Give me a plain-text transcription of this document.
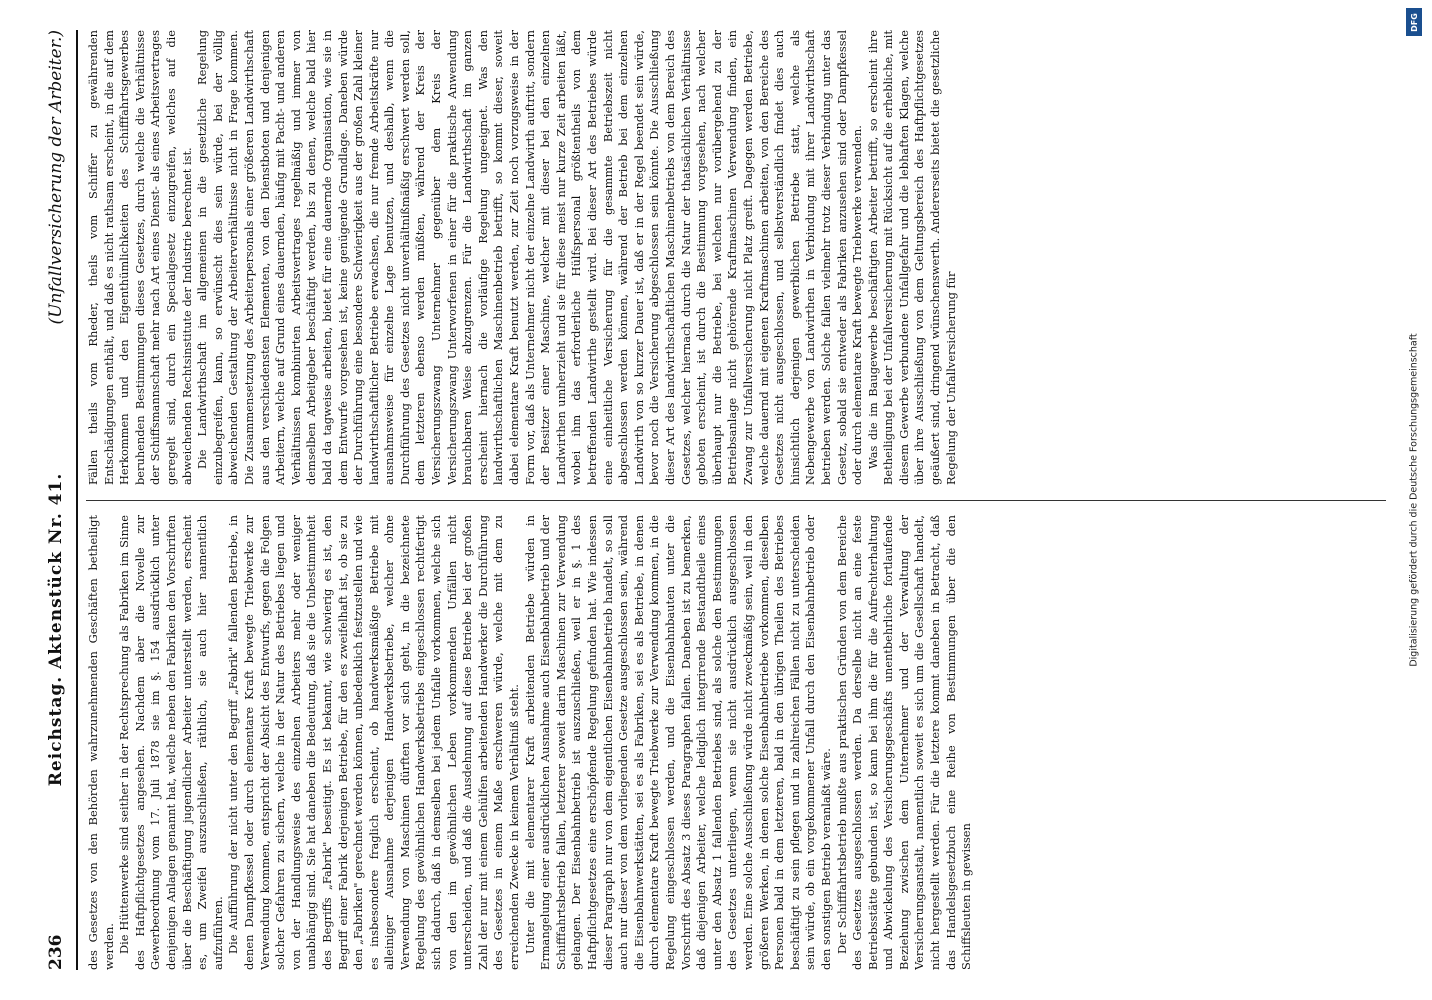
236
Reichstag. Aktenstück Nr. 41.
(Unfallversicherung der Arbeiter.)

des Gesetzes von den Behörden wahrzunehmenden Geschäften betheiligt werden. Die Hüttenwerke sind seither in der Rechtsprechung als Fabriken im Sinne des Haftpflichtgesetzes angesehen. Nachdem aber die Novelle zur Gewerbeordnung vom 17. Juli 1878 sie im §. 154 ausdrücklich unter denjenigen Anlagen genannt hat, welche neben den Fabriken den Vorschriften über die Beschäftigung jugendlicher Arbeiter unterstellt werden, erscheint es, um Zweifel auszuschließen, räthlich, sie auch hier namentlich aufzuführen. Die Aufführung der nicht unter den Begriff „Fabrik" fallenden Betriebe, in denen Dampfkessel oder durch elementare Kraft bewegte Triebwerke zur Verwendung kommen, entspricht der Absicht des Entwurfs, gegen die Folgen solcher Gefahren zu sichern, welche in der Natur des Betriebes liegen und von der Handlungsweise des einzelnen Arbeiters mehr oder weniger unabhängig sind. Sie hat daneben die Bedeutung, daß sie die Unbestimmtheit des Begriffs „Fabrik" beseitigt. Es ist bekannt, wie schwierig es ist, den Begriff einer Fabrik derjenigen Betriebe, für den es zweifelhaft ist, ob sie zu den „Fabriken" gerechnet werden können, unbedenklich festzustellen und wie es insbesondere fraglich erscheint, ob handwerksmäßige Betriebe mit alleiniger Ausnahme derjenigen Handwerksbetriebe, welcher ohne Verwendung von Maschinen dürften vor sich geht, in die bezeichnete Regelung des gewöhnlichen Handwerksbetriebs eingeschlossen rechtfertigt sich dadurch, daß in demselben bei jedem Unfalle vorkommen, welche sich von den im gewöhnlichen Leben vorkommenden Unfällen nicht unterscheiden, und daß die Ausdehnung auf diese Betriebe bei der großen Zahl der nur mit einem Gehülfen arbeitenden Handwerker die Durchführung des Gesetzes in einem Maße erschweren würde, welche mit dem zu erreichenden Zwecke in keinem Verhältniß steht. Unter die mit elementarer Kraft arbeitenden Betriebe würden in Ermangelung einer ausdrücklichen Ausnahme auch Eisenbahnbetrieb und der Schifffahrtsbetrieb fallen, letzterer soweit darin Maschinen zur Verwendung gelangen. Der Eisenbahnbetrieb ist auszuschließen, weil er in §. 1 des Haftpflichtgesetzes eine erschöpfende Regelung gefunden hat. Wie indessen dieser Paragraph nur von dem eigentlichen Eisenbahnbetrieb handelt, so soll auch nur dieser von dem vorliegenden Gesetze ausgeschlossen sein, während die Eisenbahnwerkstätten, sei es als Fabriken, sei es als Betriebe, in denen durch elementare Kraft bewegte Triebwerke zur Verwendung kommen, in die Regelung eingeschlossen werden, und die Eisenbahnbauten unter die Vorschrift des Absatz 3 dieses Paragraphen fallen. Daneben ist zu bemerken, daß diejenigen Arbeiter, welche lediglich integrirende Bestandtheile eines unter den Absatz 1 fallenden Betriebes sind, als solche den Bestimmungen des Gesetzes unterliegen, wenn sie nicht ausdrücklich ausgeschlossen werden. Eine solche Ausschließung würde nicht zweckmäßig sein, weil in den größeren Werken, in denen solche Eisenbahnbetriebe vorkommen, dieselben Personen bald in dem letzteren, bald in den übrigen Theilen des Betriebes beschäftigt zu sein pflegen und in zahlreichen Fällen nicht zu unterscheiden sein würde, ob ein vorgekommener Unfall durch den Eisenbahnbetrieb oder den sonstigen Betrieb veranlaßt wäre. Der Schifffahrtsbetrieb mußte aus praktischen Gründen von dem Bereiche des Gesetzes ausgeschlossen werden. Da derselbe nicht an eine feste Betriebsstätte gebunden ist, so kann bei ihm die für die Aufrechterhaltung und Abwickelung des Versicherungsgeschäfts unentbehrliche fortlaufende Beziehung zwischen dem Unternehmer und der Verwaltung der Versicherungsanstalt, namentlich soweit es sich um die Gesellschaft handelt, nicht hergestellt werden. Für die letztere kommt daneben in Betracht, daß das Handelsgesetzbuch eine Reihe von Bestimmungen über die den Schiffsleuten in gewissen

Fällen theils vom Rheder, theils vom Schiffer zu gewährenden Entschädigungen enthält, und daß es nicht rathsam erscheint, in die auf dem Herkommen und den Eigenthümlichkeiten des Schifffahrtsgewerbes beruhenden Bestimmungen dieses Gesetzes, durch welche die Verhältnisse der Schiffsmannschaft mehr nach Art eines Dienst- als eines Arbeitsvertrages geregelt sind, durch ein Specialgesetz einzugreifen, welches auf die abweichenden Rechtsinstitute der Industrie berechnet ist. Die Landwirthschaft im allgemeinen in die gesetzliche Regelung einzubegreifen, kann, so erwünscht dies sein würde, bei der völlig abweichenden Gestaltung der Arbeiterverhältnisse nicht in Frage kommen. Die Zusammensetzung des Arbeiterpersonals einer größeren Landwirthschaft aus den verschiedensten Elementen, von den Dienstboten und denjenigen Arbeitern, welche auf Grund eines dauernden, häufig mit Pacht- und anderen Verhältnissen kombinirten Arbeitsvertrages regelmäßig und immer von demselben Arbeitgeber beschäftigt werden, bis zu denen, welche bald hier bald da tagweise arbeiten, bietet für eine dauernde Organisation, wie sie in dem Entwurfe vorgesehen ist, keine genügende Grundlage. Daneben würde der Durchführung eine besondere Schwierigkeit aus der großen Zahl kleiner landwirthschaftlicher Betriebe erwachsen, die nur fremde Arbeitskräfte nur ausnahmsweise für einzelne Lage benutzen, und deshalb, wenn die Durchführung des Gesetzes nicht unverhältnißmäßig erschwert werden soll, dem letzteren ebenso werden müßten, während der Kreis der Versicherungszwang Unternehmer gegenüber dem Kreis der Versicherungszwang Unterworfenen in einer für die praktische Anwendung brauchbaren Weise abzugrenzen. Für die Landwirthschaft im ganzen erscheint hiernach die vorläufige Regelung ungeeignet. Was den landwirthschaftlichen Maschinenbetrieb betrifft, so kommt dieser, soweit dabei elementare Kraft benutzt werden, zur Zeit noch vorzugsweise in der Form vor, daß als Unternehmer nicht der einzelne Landwirth auftritt, sondern der Besitzer einer Maschine, welcher mit dieser bei den einzelnen Landwirthen umherzieht und sie für diese meist nur kurze Zeit arbeiten läßt, wobei ihm das erforderliche Hülfspersonal größtentheils von dem betreffenden Landwirthe gestellt wird. Bei dieser Art des Betriebes würde eine einheitliche Versicherung für die gesammte Betriebszeit nicht abgeschlossen werden können, während der Betrieb bei dem einzelnen Landwirth von so kurzer Dauer ist, daß er in der Regel beendet sein würde, bevor noch die Versicherung abgeschlossen sein könnte. Die Ausschließung dieser Art des landwirthschaftlichen Maschinenbetriebs von dem Bereich des Gesetzes, welcher hiernach durch die Natur der thatsächlichen Verhältnisse geboten erscheint, ist durch die Bestimmung vorgesehen, nach welcher überhaupt nur die Betriebe, bei welchen nur vorübergehend zu der Betriebsanlage nicht gehörende Kraftmaschinen Verwendung finden, ein Zwang zur Unfallversicherung nicht Platz greift. Dagegen werden Betriebe, welche dauernd mit eigenen Kraftmaschinen arbeiten, von den Bereiche des Gesetzes nicht ausgeschlossen, und selbstverständlich findet dies auch hinsichtlich derjenigen gewerblichen Betriebe statt, welche als Nebengewerbe von Landwirthen in Verbindung mit ihrer Landwirthschaft betrieben werden. Solche fallen vielmehr trotz dieser Verbindung unter das Gesetz, sobald sie entweder als Fabriken anzusehen sind oder Dampfkessel oder durch elementare Kraft bewegte Triebwerke verwenden. Was die im Baugewerbe beschäftigten Arbeiter betrifft, so erscheint ihre Betheiligung bei der Unfallversicherung mit Rücksicht auf die erhebliche, mit diesem Gewerbe verbundene Unfallgefahr und die lebhaften Klagen, welche über ihre Ausschließung von dem Geltungsbereich des Haftpflichtgesetzes geäußert sind, dringend wünschenswerth. Andererseits bietet die gesetzliche Regelung der Unfallversicherung für

DFG
Digitalisierung gefördert durch die Deutsche Forschungsgemeinschaft
